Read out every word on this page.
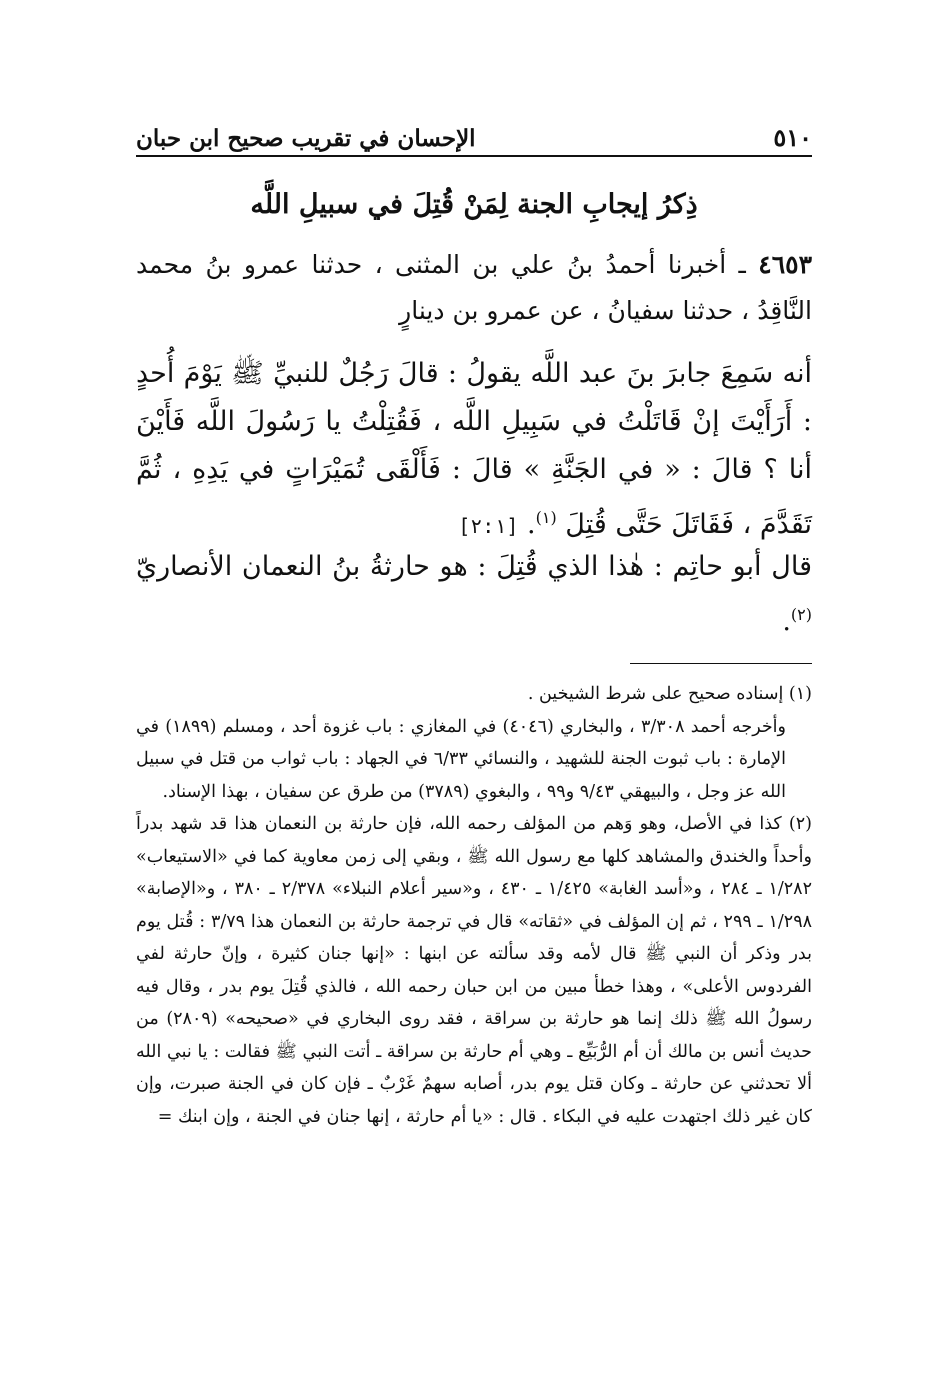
٥١٠
الإحسان في تقريب صحيح ابن حبان
ذِكرُ إيجابِ الجنة لِمَنْ قُتِلَ في سبيلِ اللَّه
٤٦٥٣ ـ أخبرنا أحمدُ بنُ علي بن المثنى ، حدثنا عمرو بنُ محمد النَّاقِدُ ، حدثنا سفيانُ ، عن عمرو بن دينارٍ
أنه سَمِعَ جابرَ بنَ عبد اللَّه يقولُ : قالَ رَجُلٌ للنبيِّ ﷺ يَوْمَ أُحدٍ : أَرَأَيْتَ إنْ قَاتَلْتُ في سَبِيلِ اللَّه ، فَقُتِلْتُ يا رَسُولَ اللَّه فَأَيْنَ أنا ؟ قالَ : « في الجَنَّةِ » قالَ : فَأَلْقَى تُمَيْرَاتٍ في يَدِهِ ، ثُمَّ تَقَدَّمَ ، فَقَاتَلَ حَتَّى قُتِلَ $^{(١)}$. [٢:١]
قال أبو حاتِم : هٰذا الذي قُتِلَ : هو حارثةُ بنُ النعمان الأنصاريّ $^{(٢)}$.

(١) إسناده صحيح على شرط الشيخين .

وأخرجه أحمد ٣/٣٠٨ ، والبخاري (٤٠٤٦) في المغازي : باب غزوة أحد ، ومسلم (١٨٩٩) في الإمارة : باب ثبوت الجنة للشهيد ، والنسائي ٦/٣٣ في الجهاد : باب ثواب من قتل في سبيل الله عز وجل ، والبيهقي ٩/٤٣ و٩٩ ، والبغوي (٣٧٨٩) من طرق عن سفيان ، بهذا الإسناد.

(٢) كذا في الأصل، وهو وَهم من المؤلف رحمه الله، فإن حارثة بن النعمان هذا قد شهد بدراً وأحداً والخندق والمشاهد كلها مع رسول الله ﷺ ، وبقي إلى زمن معاوية كما في «الاستيعاب» ١/٢٨٢ ـ ٢٨٤ ، و«أسد الغابة» ١/٤٢٥ ـ ٤٣٠ ، و«سير أعلام النبلاء» ٢/٣٧٨ ـ ٣٨٠ ، و«الإصابة» ١/٢٩٨ ـ ٢٩٩ ، ثم إن المؤلف في «ثقاته» قال في ترجمة حارثة بن النعمان هذا ٣/٧٩ : قُتل يوم بدر وذكر أن النبي ﷺ قال لأمه وقد سألته عن ابنها : «إنها جنان كثيرة ، وإنّ حارثة لفي الفردوس الأعلى» ، وهذا خطأ مبين من ابن حبان رحمه الله ، فالذي قُتِلَ يوم بدر ، وقال فيه رسولُ الله ﷺ ذلك إنما هو حارثة بن سراقة ، فقد روى البخاري في «صحيحه» (٢٨٠٩) من حديث أنس بن مالك أن أم الرُّبَيِّع ـ وهي أم حارثة بن سراقة ـ أتت النبي ﷺ فقالت : يا نبي الله ألا تحدثني عن حارثة ـ وكان قتل يوم بدر، أصابه سهمٌ غَرْبٌ ـ فإن كان في الجنة صبرت، وإن كان غير ذلك اجتهدت عليه في البكاء . قال : «يا أم حارثة ، إنها جنان في الجنة ، وإن ابنك =
